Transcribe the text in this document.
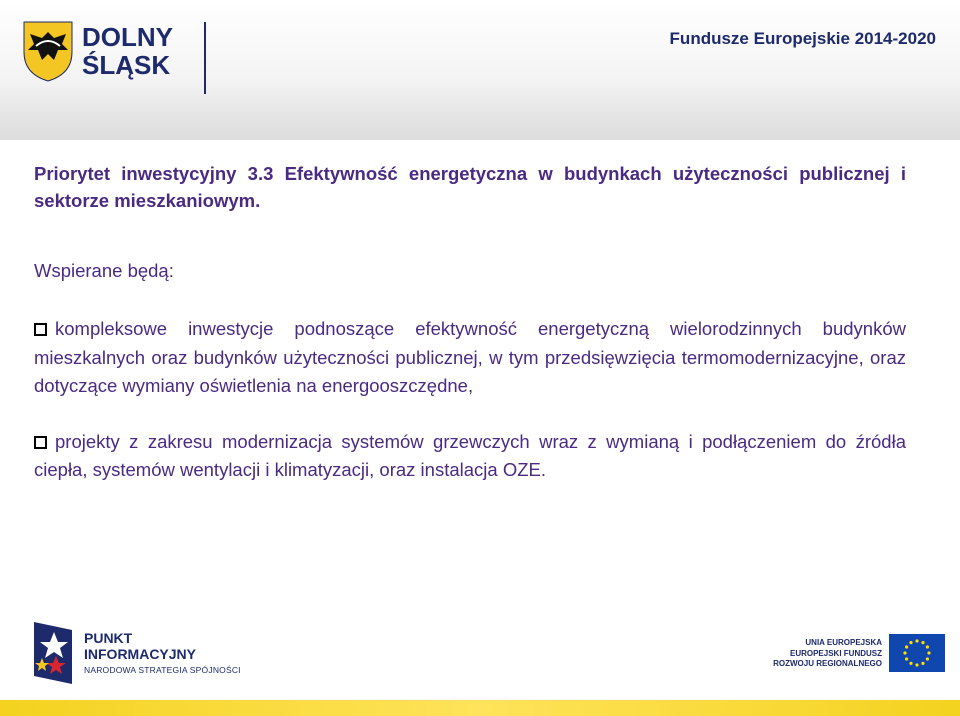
DOLNY
ŚLĄSK
Fundusze Europejskie 2014-2020

Priorytet inwestycyjny 3.3 Efektywność energetyczna w budynkach użyteczności publicznej i sektorze mieszkaniowym.

Wspierane będą:

kompleksowe inwestycje podnoszące efektywność energetyczną wielorodzinnych budynków mieszkalnych oraz budynków użyteczności publicznej, w tym przedsięwzięcia termomodernizacyjne, oraz dotyczące wymiany oświetlenia na energooszczędne,

projekty z zakresu modernizacja systemów grzewczych wraz z wymianą i podłączeniem do źródła ciepła, systemów wentylacji i klimatyzacji, oraz instalacja OZE.

PUNKT
INFORMACYJNY
NARODOWA STRATEGIA SPÓJNOŚCI
UNIA EUROPEJSKA
EUROPEJSKI FUNDUSZ
ROZWOJU REGIONALNEGO
